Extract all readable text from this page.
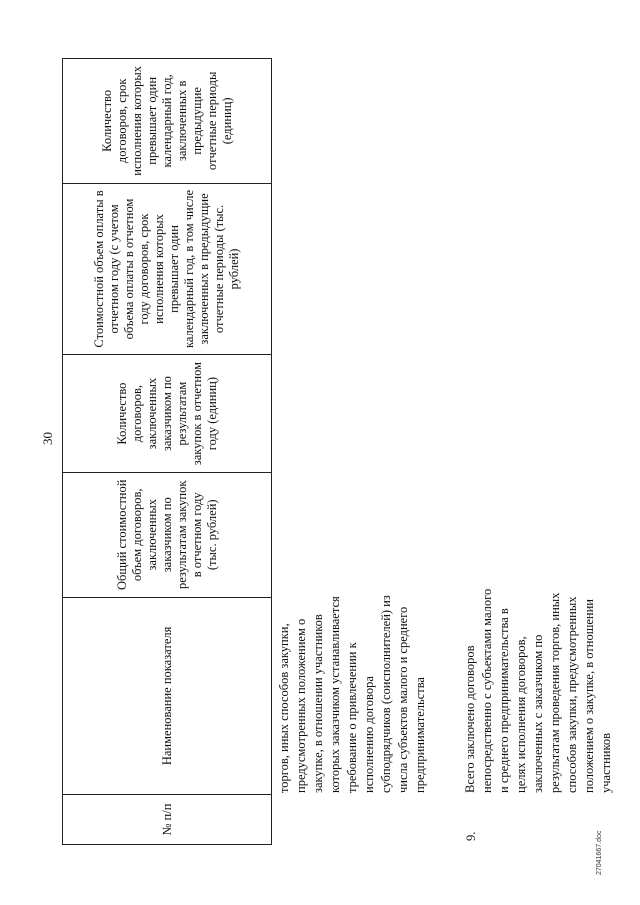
30
№ п/п
Наименование показателя
Общий стоимостной объем договоров, заключенных заказчиком по результатам закупок в отчетном году (тыс. рублей)
Количество договоров, заключенных заказчиком по результатам закупок в отчетном году (единиц)
Стоимостной объем оплаты в отчетном году (с учетом объема оплаты в отчетном году договоров, срок исполнения которых превышает один календарный год, в том числе заключенных в предыдущие отчетные периоды (тыс. рублей)
Количество договоров, срок исполнения которых превышает один календарный год, заключенных в предыдущие отчетные периоды (единиц)
торгов, иных способов закупки, предусмотренных положением о закупке, в отношении участников которых заказчиком устанавливается требование о привлечении к исполнению договора субподрядчиков (соисполнителей) из числа субъектов малого и среднего предпринимательства
9.
Всего заключено договоров непосредственно с субъектами малого и среднего предпринимательства в целях исполнения договоров, заключенных с заказчиком по результатам проведения торгов, иных способов закупки, предусмотренных положением о закупке, в отношении участников
27041667.doc
